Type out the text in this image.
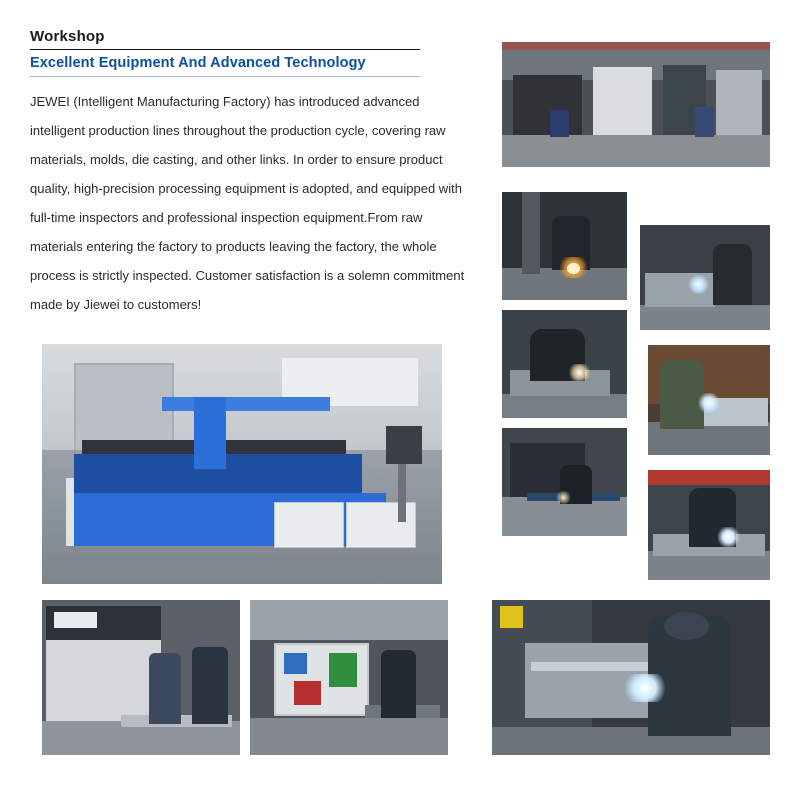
Workshop
Excellent Equipment And Advanced Technology

JEWEI (Intelligent Manufacturing Factory) has introduced advanced intelligent production lines throughout the production cycle, covering raw materials, molds, die casting, and other links. In order to ensure product quality, high-precision processing equipment is adopted, and equipped with full-time inspectors and professional inspection equipment.From raw materials entering the factory to products leaving the factory, the whole process is strictly inspected. Customer satisfaction is a solemn commitment made by Jiewei to customers!
